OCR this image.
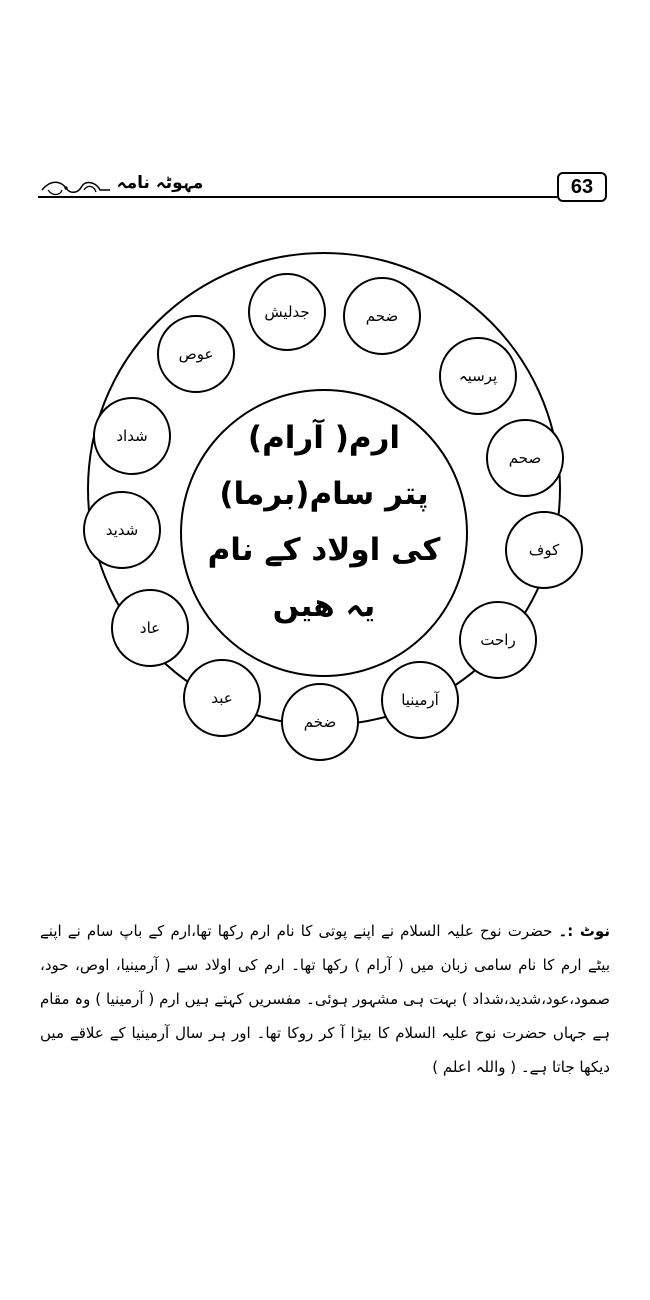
مہوٹہ نامہ	63
ارم( آرام)
پتر سام(برما)
کی اولاد کے نام
یہ ھیں
ضحم
پرسیہ
صحم
کوف
راحت
آرمینیا
ضخم
عبد
عاد
شدید
شداد
عوص
جدلیش
نوٹ :۔ حضرت نوح علیہ السلام نے اپنے پوتی کا نام ارم رکھا تھا،ارم کے باپ سام نے اپنے بیٹے ارم کا نام سامی زبان میں ( آرام ) رکھا تھا۔ ارم کی اولاد سے ( آرمینیا، اوص، حود، صمود،عود،شدید،شداد ) بہت ہی مشہور ہوئی۔ مفسریں کہتے ہیں ارم ( آرمینیا ) وہ مقام ہے جہاں حضرت نوح علیہ السلام کا بیڑا آ کر روکا تھا۔ اور ہر سال آرمینیا کے علاقے میں دیکھا جاتا ہے۔ ( واللہ اعلم )
